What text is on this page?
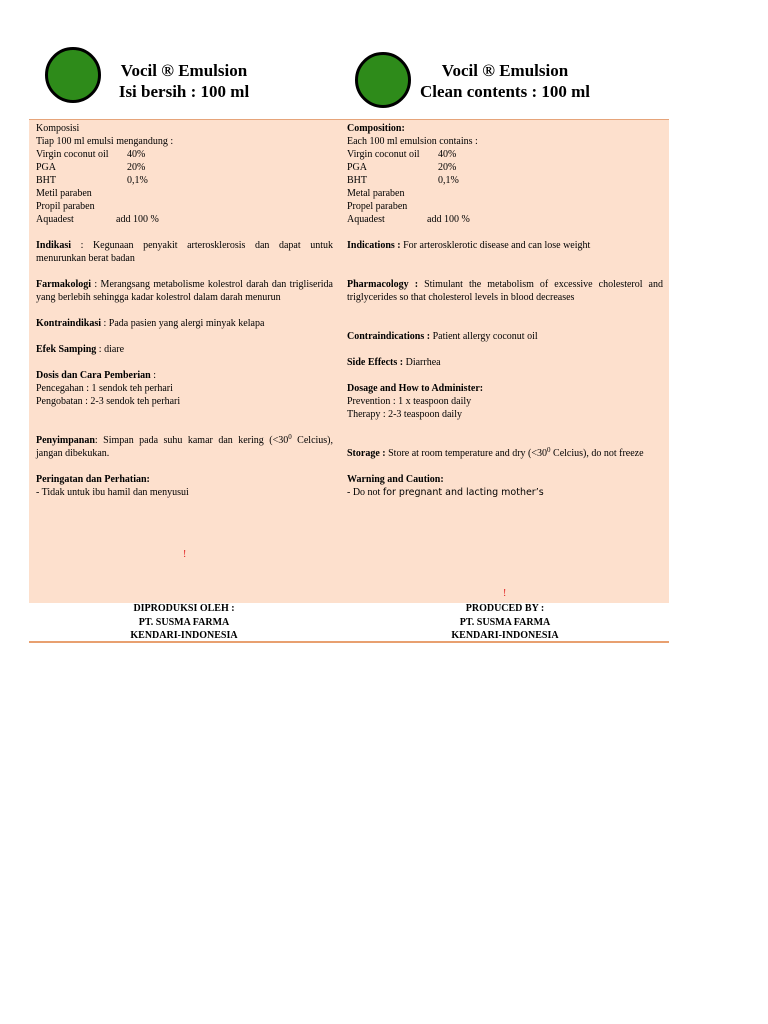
Vocil ® Emulsion
Isi bersih : 100 ml
Vocil ® Emulsion
Clean contents : 100 ml
Komposisi
Tiap 100 ml emulsi mengandung :
Virgin coconut oil 40%
PGA	20%
BHT	0,1%
Metil paraben
Propil paraben
Aquadest	add 100 %
Indikasi : Kegunaan penyakit arterosklerosis dan dapat untuk menurunkan berat badan
Farmakologi : Merangsang metabolisme kolestrol darah dan trigliserida yang berlebih sehingga kadar kolestrol dalam darah menurun
Kontraindikasi : Pada pasien yang alergi minyak kelapa
Efek Samping : diare
Dosis dan Cara Pemberian :
Pencegahan : 1 sendok teh perhari
Pengobatan : 2-3 sendok teh perhari
Penyimpanan: Simpan pada suhu kamar dan kering ($<30^0$ Celcius), jangan dibekukan.
Peringatan dan Perhatian:
- Tidak untuk ibu hamil dan menyusui
Composition:
Each 100 ml emulsion contains :
Virgin coconut oil 40%
PGA	20%
BHT	0,1%
Metal paraben
Propel paraben
Aquadest	add 100 %
Indications : For arterosklerotic disease and can lose weight
Pharmacology : Stimulant the metabolism of excessive cholesterol and triglycerides so that cholesterol levels in blood decreases
Contraindications : Patient allergy coconut oil
Side Effects : Diarrhea
Dosage and How to Administer:
Prevention : 1 x teaspoon daily
Therapy : 2-3 teaspoon daily
Storage : Store at room temperature and dry ($<30^0$ Celcius), do not freeze
Warning and Caution:
- Do not for pregnant and lacting mother’s
!
!
DIPRODUKSI OLEH :
PT. SUSMA FARMA
KENDARI-INDONESIA
PRODUCED BY :
PT. SUSMA FARMA
KENDARI-INDONESIA
